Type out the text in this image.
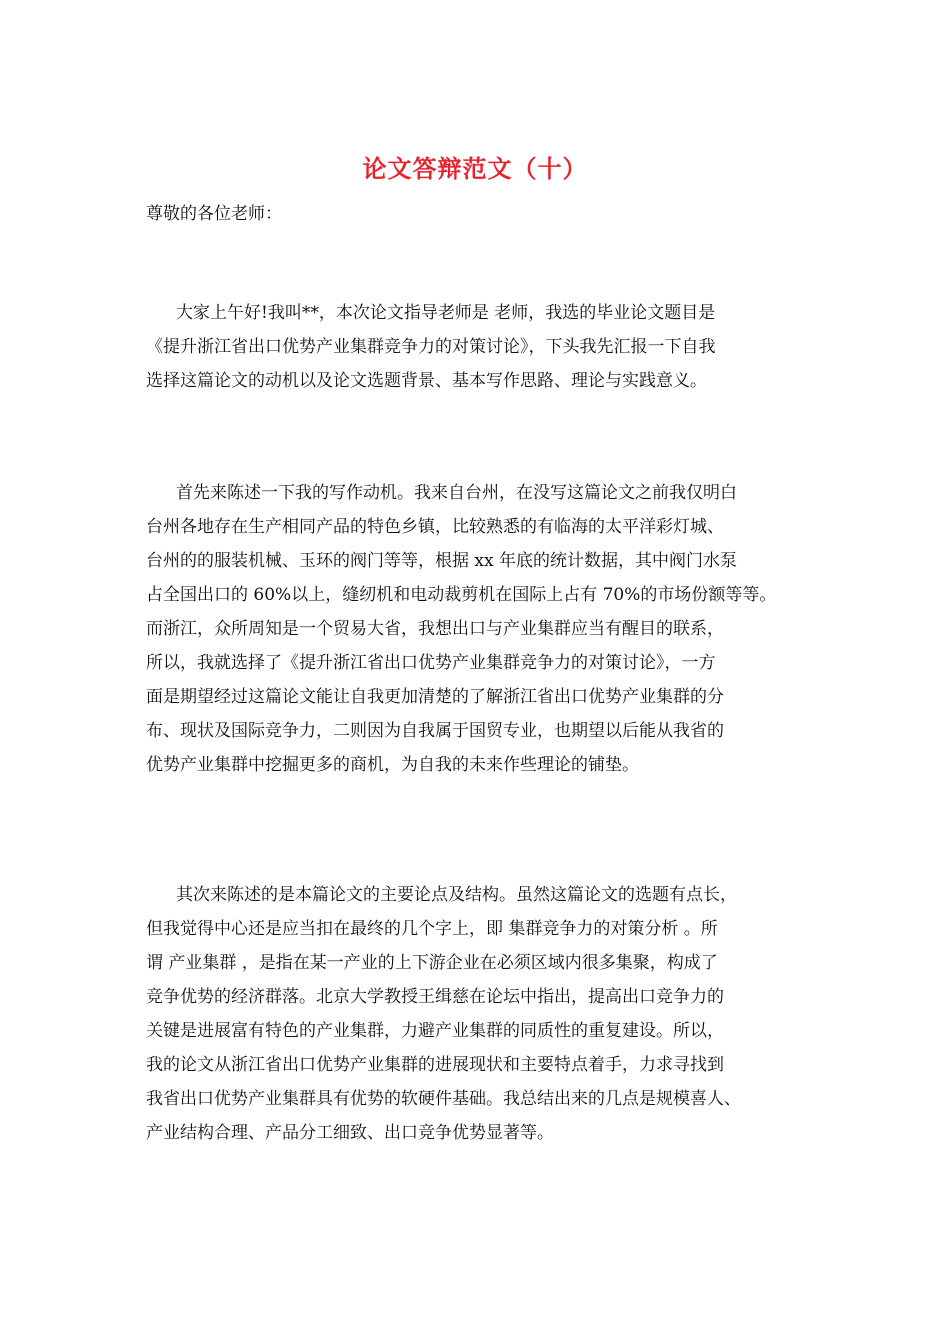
论文答辩范文（十）
尊敬的各位老师：
大家上午好!我叫**，本次论文指导老师是 老师，我选的毕业论文题目是
《提升浙江省出口优势产业集群竞争力的对策讨论》，下头我先汇报一下自我
选择这篇论文的动机以及论文选题背景、基本写作思路、理论与实践意义。
首先来陈述一下我的写作动机。我来自台州，在没写这篇论文之前我仅明白
台州各地存在生产相同产品的特色乡镇，比较熟悉的有临海的太平洋彩灯城、
台州的的服装机械、玉环的阀门等等，根据 xx 年底的统计数据，其中阀门水泵
占全国出口的 60%以上，缝纫机和电动裁剪机在国际上占有 70%的市场份额等等。
而浙江，众所周知是一个贸易大省，我想出口与产业集群应当有醒目的联系，
所以，我就选择了《提升浙江省出口优势产业集群竞争力的对策讨论》，一方
面是期望经过这篇论文能让自我更加清楚的了解浙江省出口优势产业集群的分
布、现状及国际竞争力，二则因为自我属于国贸专业，也期望以后能从我省的
优势产业集群中挖掘更多的商机，为自我的未来作些理论的铺垫。
其次来陈述的是本篇论文的主要论点及结构。虽然这篇论文的选题有点长，
但我觉得中心还是应当扣在最终的几个字上，即 集群竞争力的对策分析 。所
谓 产业集群 ，是指在某一产业的上下游企业在必须区域内很多集聚，构成了
竞争优势的经济群落。北京大学教授王缉慈在论坛中指出，提高出口竞争力的
关键是进展富有特色的产业集群，力避产业集群的同质性的重复建设。所以，
我的论文从浙江省出口优势产业集群的进展现状和主要特点着手，力求寻找到
我省出口优势产业集群具有优势的软硬件基础。我总结出来的几点是规模喜人、
产业结构合理、产品分工细致、出口竞争优势显著等。
